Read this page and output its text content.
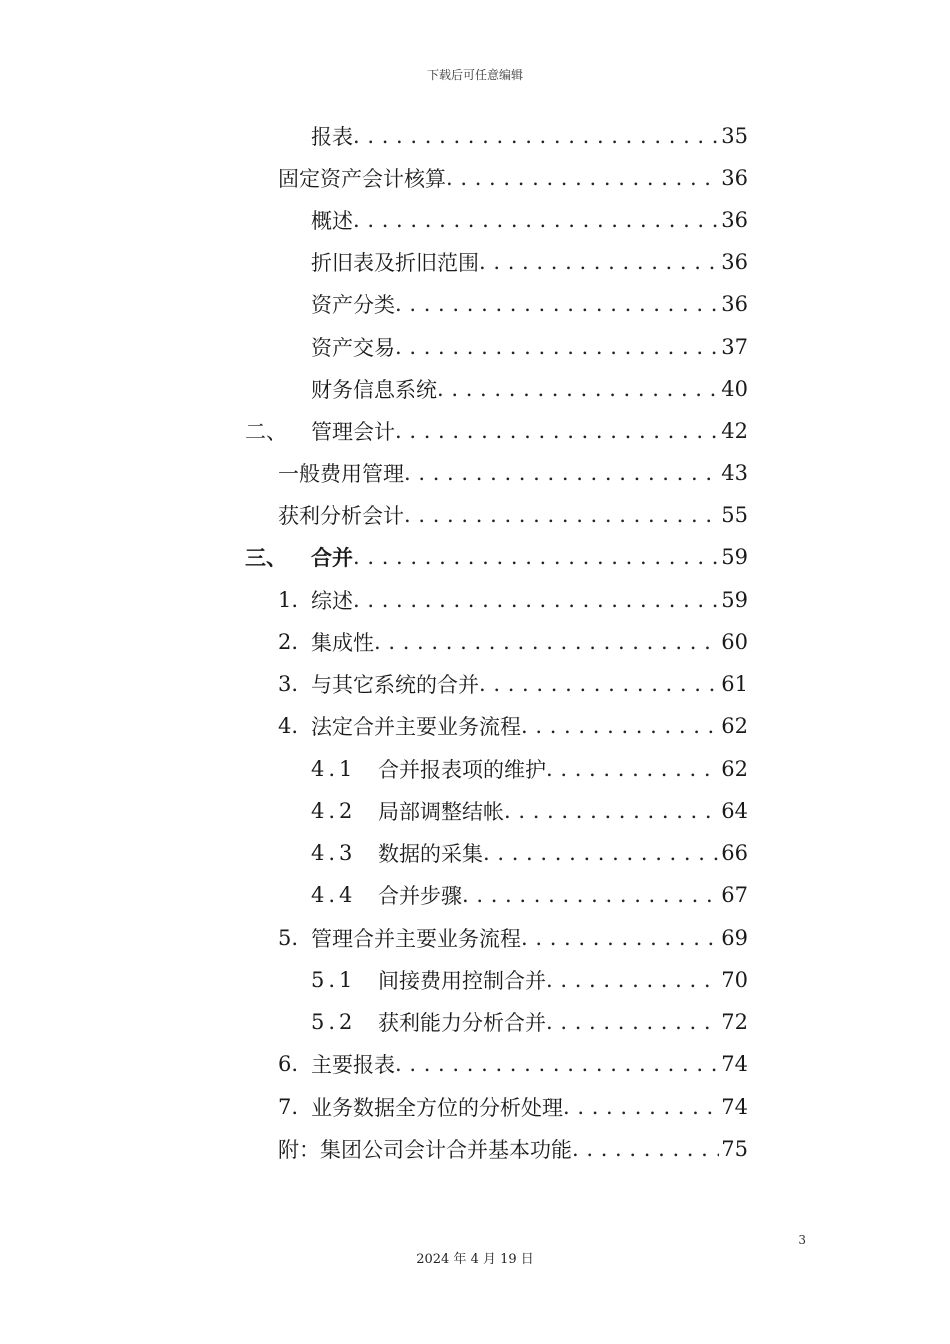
下载后可任意编辑
报表 . . .	35
固定资产会计核算 . . .	36
概述 . . .	36
折旧表及折旧范围 . . .	36
资产分类 . . .	36
资产交易 . . .	37
财务信息系统 . . .	40
二、	管理会计 . . .	42
一般费用管理 . . .	43
获利分析会计 . . .	55
三、	合并 . . .	59
1. 综述 . . .	59
2. 集成性 . . .	60
3. 与其它系统的合并 . . .	61
4. 法定合并主要业务流程 . . .	62
4.1	合并报表项的维护 . . .	62
4.2	局部调整结帐 . . .	64
4.3	数据的采集 . . .	66
4.4	合并步骤 . . .	67
5. 管理合并主要业务流程 . . .	69
5.1	间接费用控制合并 . . .	70
5.2	获利能力分析合并 . . .	72
6. 主要报表 . . .	74
7. 业务数据全方位的分析处理 . . .	74
附：集团公司会计合并基本功能 . . .	75
3
2024 年 4 月 19 日
